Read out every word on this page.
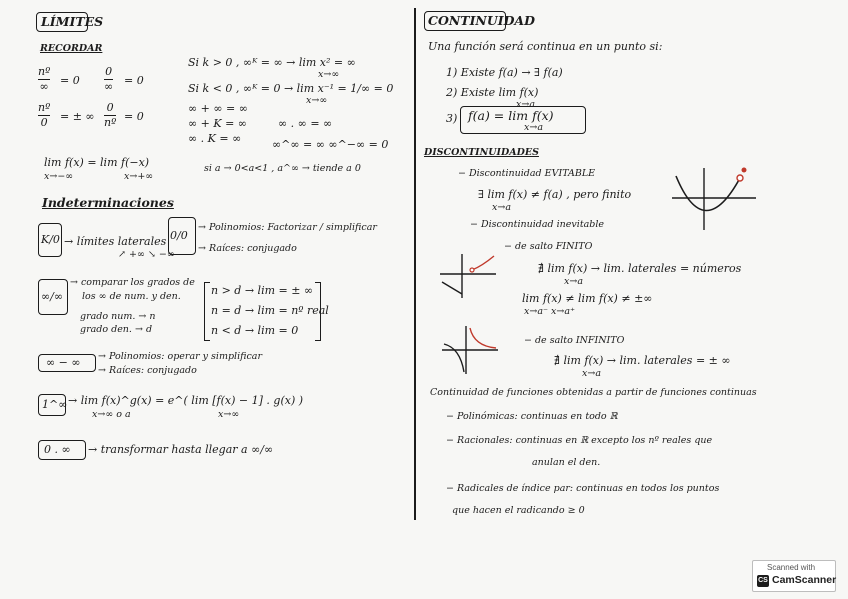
LÍMITES
RECORDAR
nº
∞ = 0
0
∞ = 0
nº
0 = ± ∞
0
nº = 0
Si k > 0 , ∞ᴷ = ∞ → lim x² = ∞
x→∞
Si k < 0 , ∞ᴷ = 0 → lim x⁻¹ = 1/∞ = 0
x→∞
∞ + ∞ = ∞
∞ + K = ∞
∞ . K = ∞
∞ . ∞ = ∞
∞^∞ = ∞ ∞^−∞ = 0
lim f(x) = lim f(−x)
x→−∞	x→+∞
si a → 0<a<1 , a^∞ → tiende a 0
Indeterminaciones
K/0 → límites laterales
↗ +∞ ↘ −∞
0/0
→ Polinomios: Factorizar / simplificar
→ Raíces: conjugado
∞/∞
→ comparar los grados de
los ∞ de num. y den.
grado num. → n
grado den. → d
n > d → lim = ± ∞
n = d → lim = nº real
n < d → lim = 0
∞ − ∞ → Polinomios: operar y simplificar
→ Raíces: conjugado
1^∞ → lim f(x)^g(x) = e^( lim [f(x) − 1] . g(x) )
x→∞ o a	x→∞
0 . ∞ → transformar hasta llegar a ∞/∞
CONTINUIDAD
Una función será continua en un punto si:
1) Existe f(a) → ∃ f(a)
2) Existe lim f(x)
x→a
3) f(a) = lim f(x)
x→a
DISCONTINUIDADES
− Discontinuidad EVITABLE
∃ lim f(x) ≠ f(a) , pero finito
x→a
− Discontinuidad inevitable
− de salto FINITO
∄ lim f(x) → lim. laterales = números
x→a
lim f(x) ≠ lim f(x) ≠ ±∞
x→a⁻ x→a⁺
− de salto INFINITO
∄ lim f(x) → lim. laterales = ± ∞
x→a
Continuidad de funciones obtenidas a partir de funciones continuas
− Polinómicas: continuas en todo ℝ
− Racionales: continuas en ℝ excepto los nº reales que
anulan el den.
− Radicales de índice par: continuas en todos los puntos
que hacen el radicando ≥ 0
Scanned with
CS CamScanner
